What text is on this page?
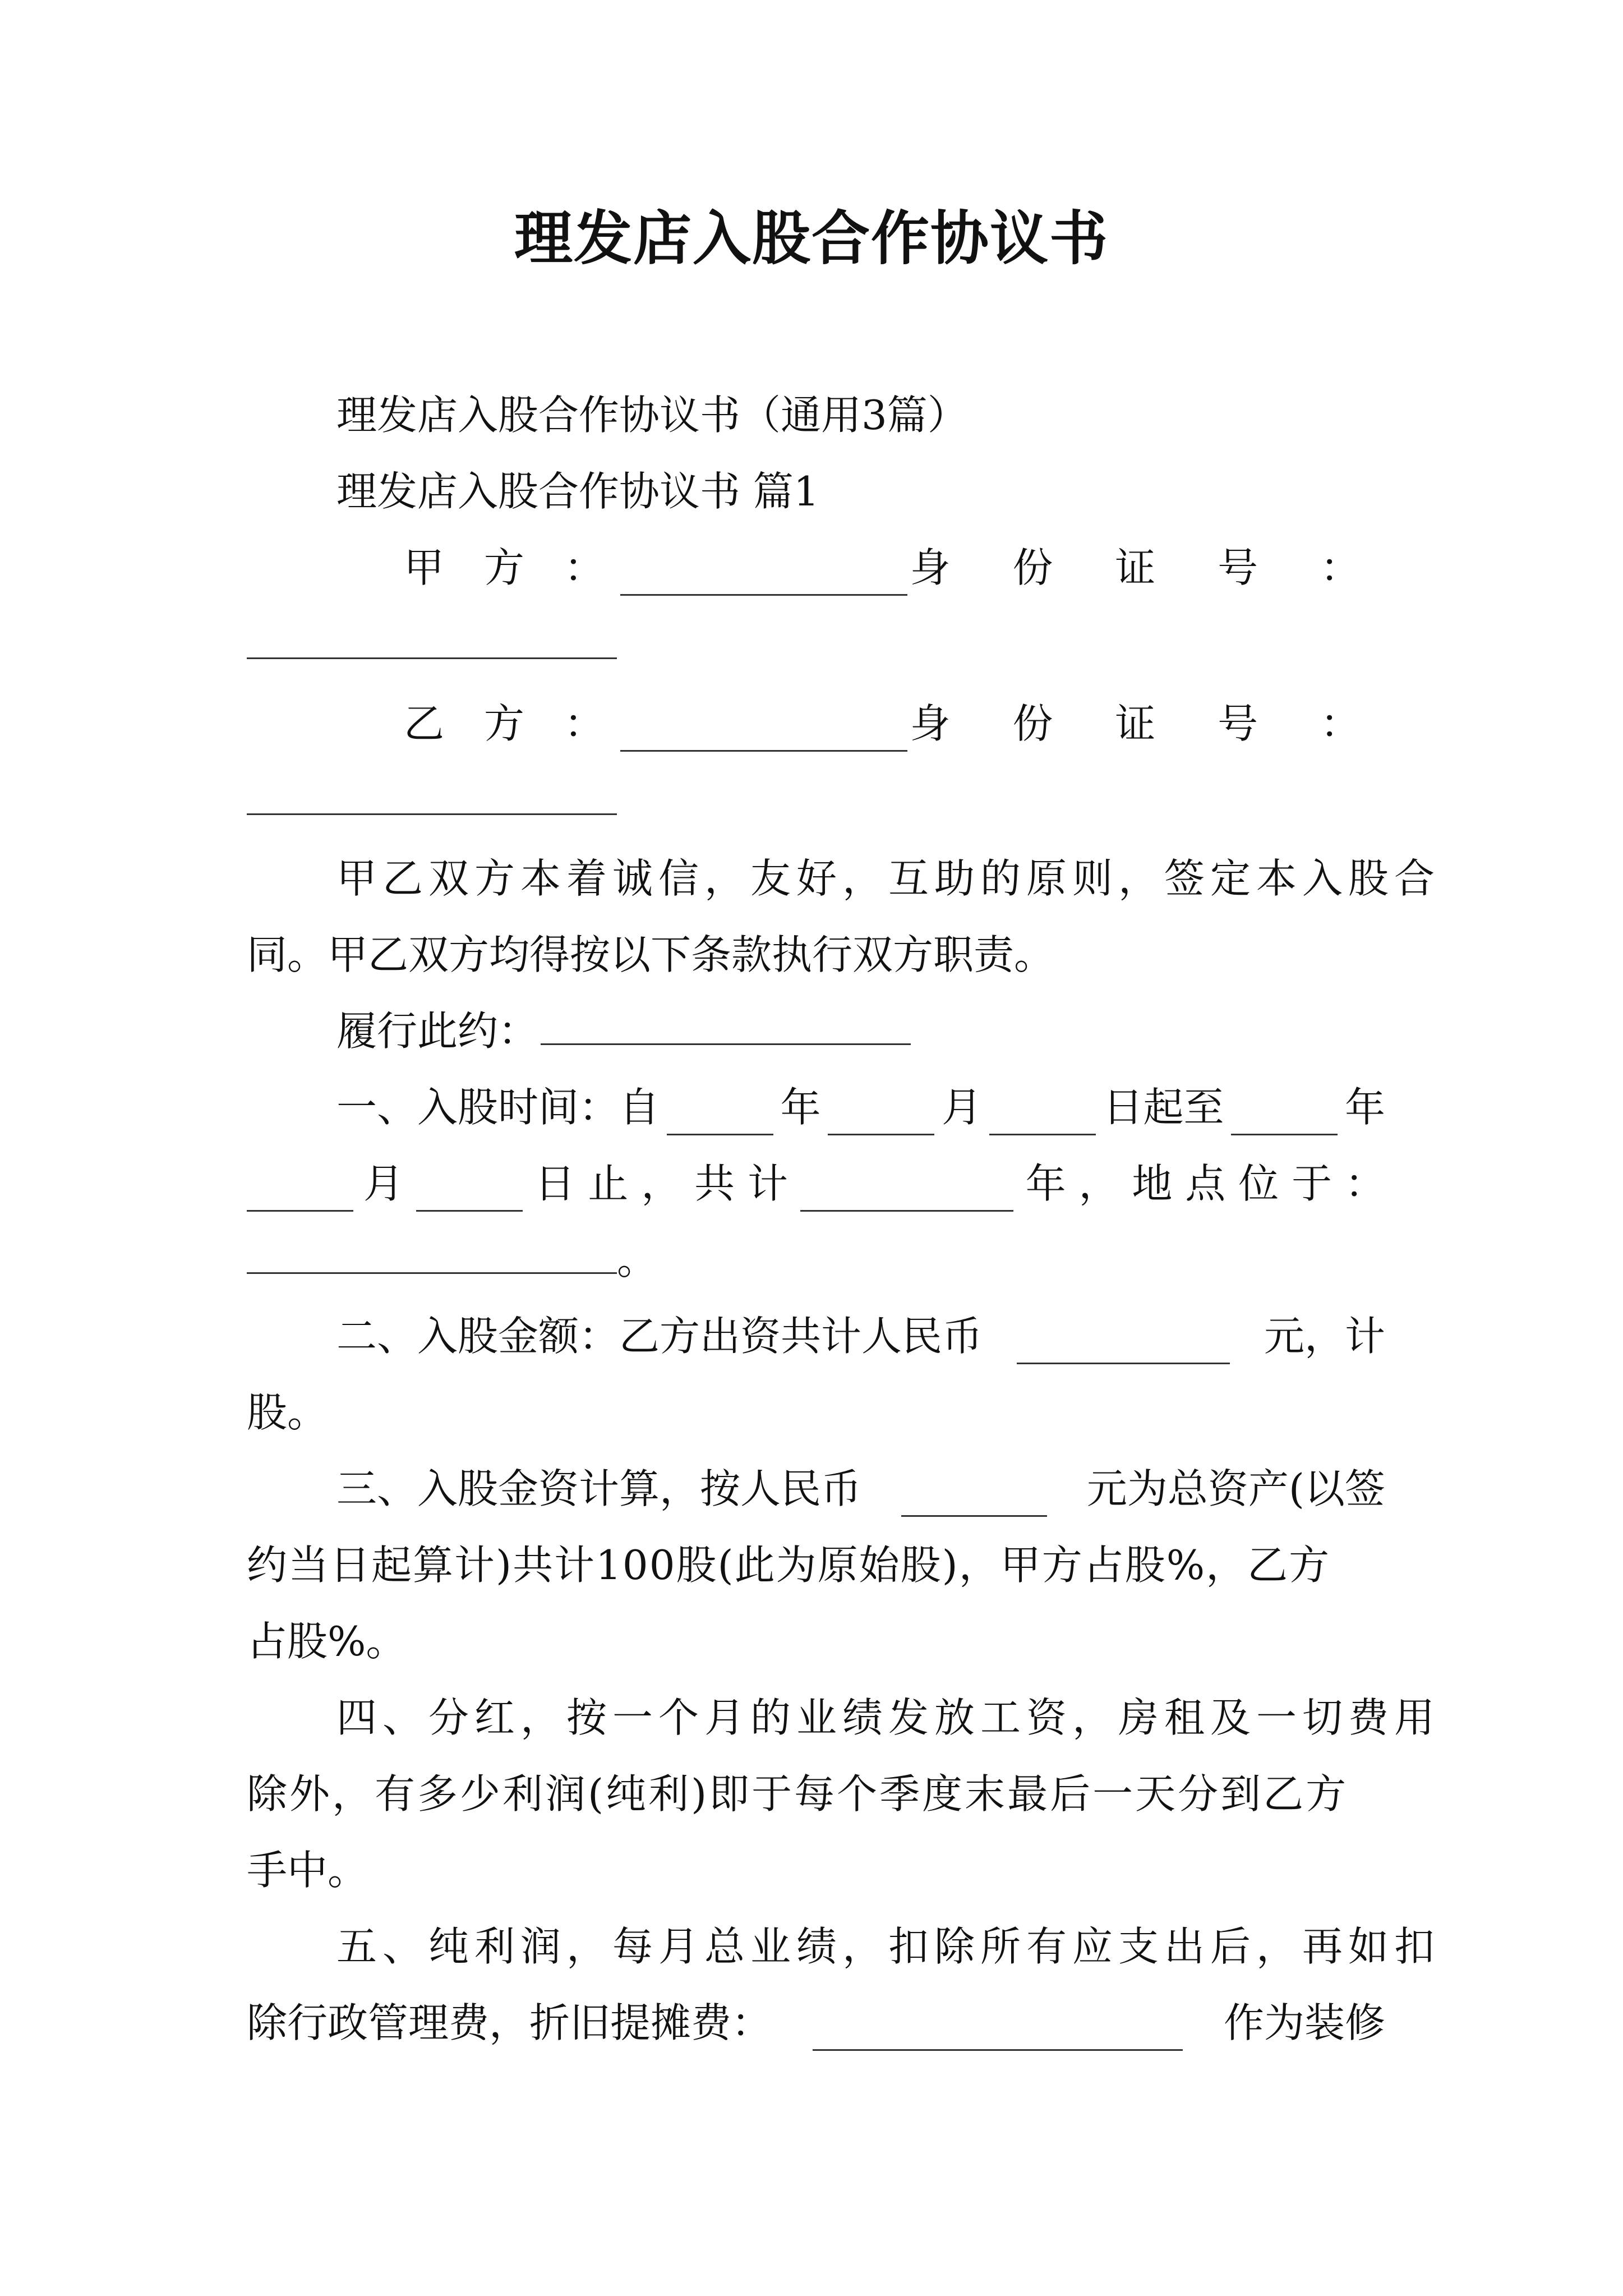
理发店入股合作协议书
理发店入股合作协议书（通用3篇）
理发店入股合作协议书 篇1
甲 方 ：	身 份 证 号 ：
乙 方 ：	身 份 证 号 ：
甲乙双方本着诚信，友好，互助的原则，签定本入股合
同。甲乙双方均得按以下条款执行双方职责。
履行此约：
一、入股时间：自	年	月	日起至	年
月	日 止 ， 共 计	年 ， 地 点 位 于 ：
。
二、入股金额：乙方出资共计人民币	元，计
股。
三、入股金资计算，按人民币	元为总资产(以签
约当日起算计)共计100股(此为原始股)，甲方占股%，乙方
占股%。
四、分红，按一个月的业绩发放工资，房租及一切费用
除外，有多少利润(纯利)即于每个季度末最后一天分到乙方
手中。
五、纯利润，每月总业绩，扣除所有应支出后，再如扣
除行政管理费，折旧提摊费：	作为装修
